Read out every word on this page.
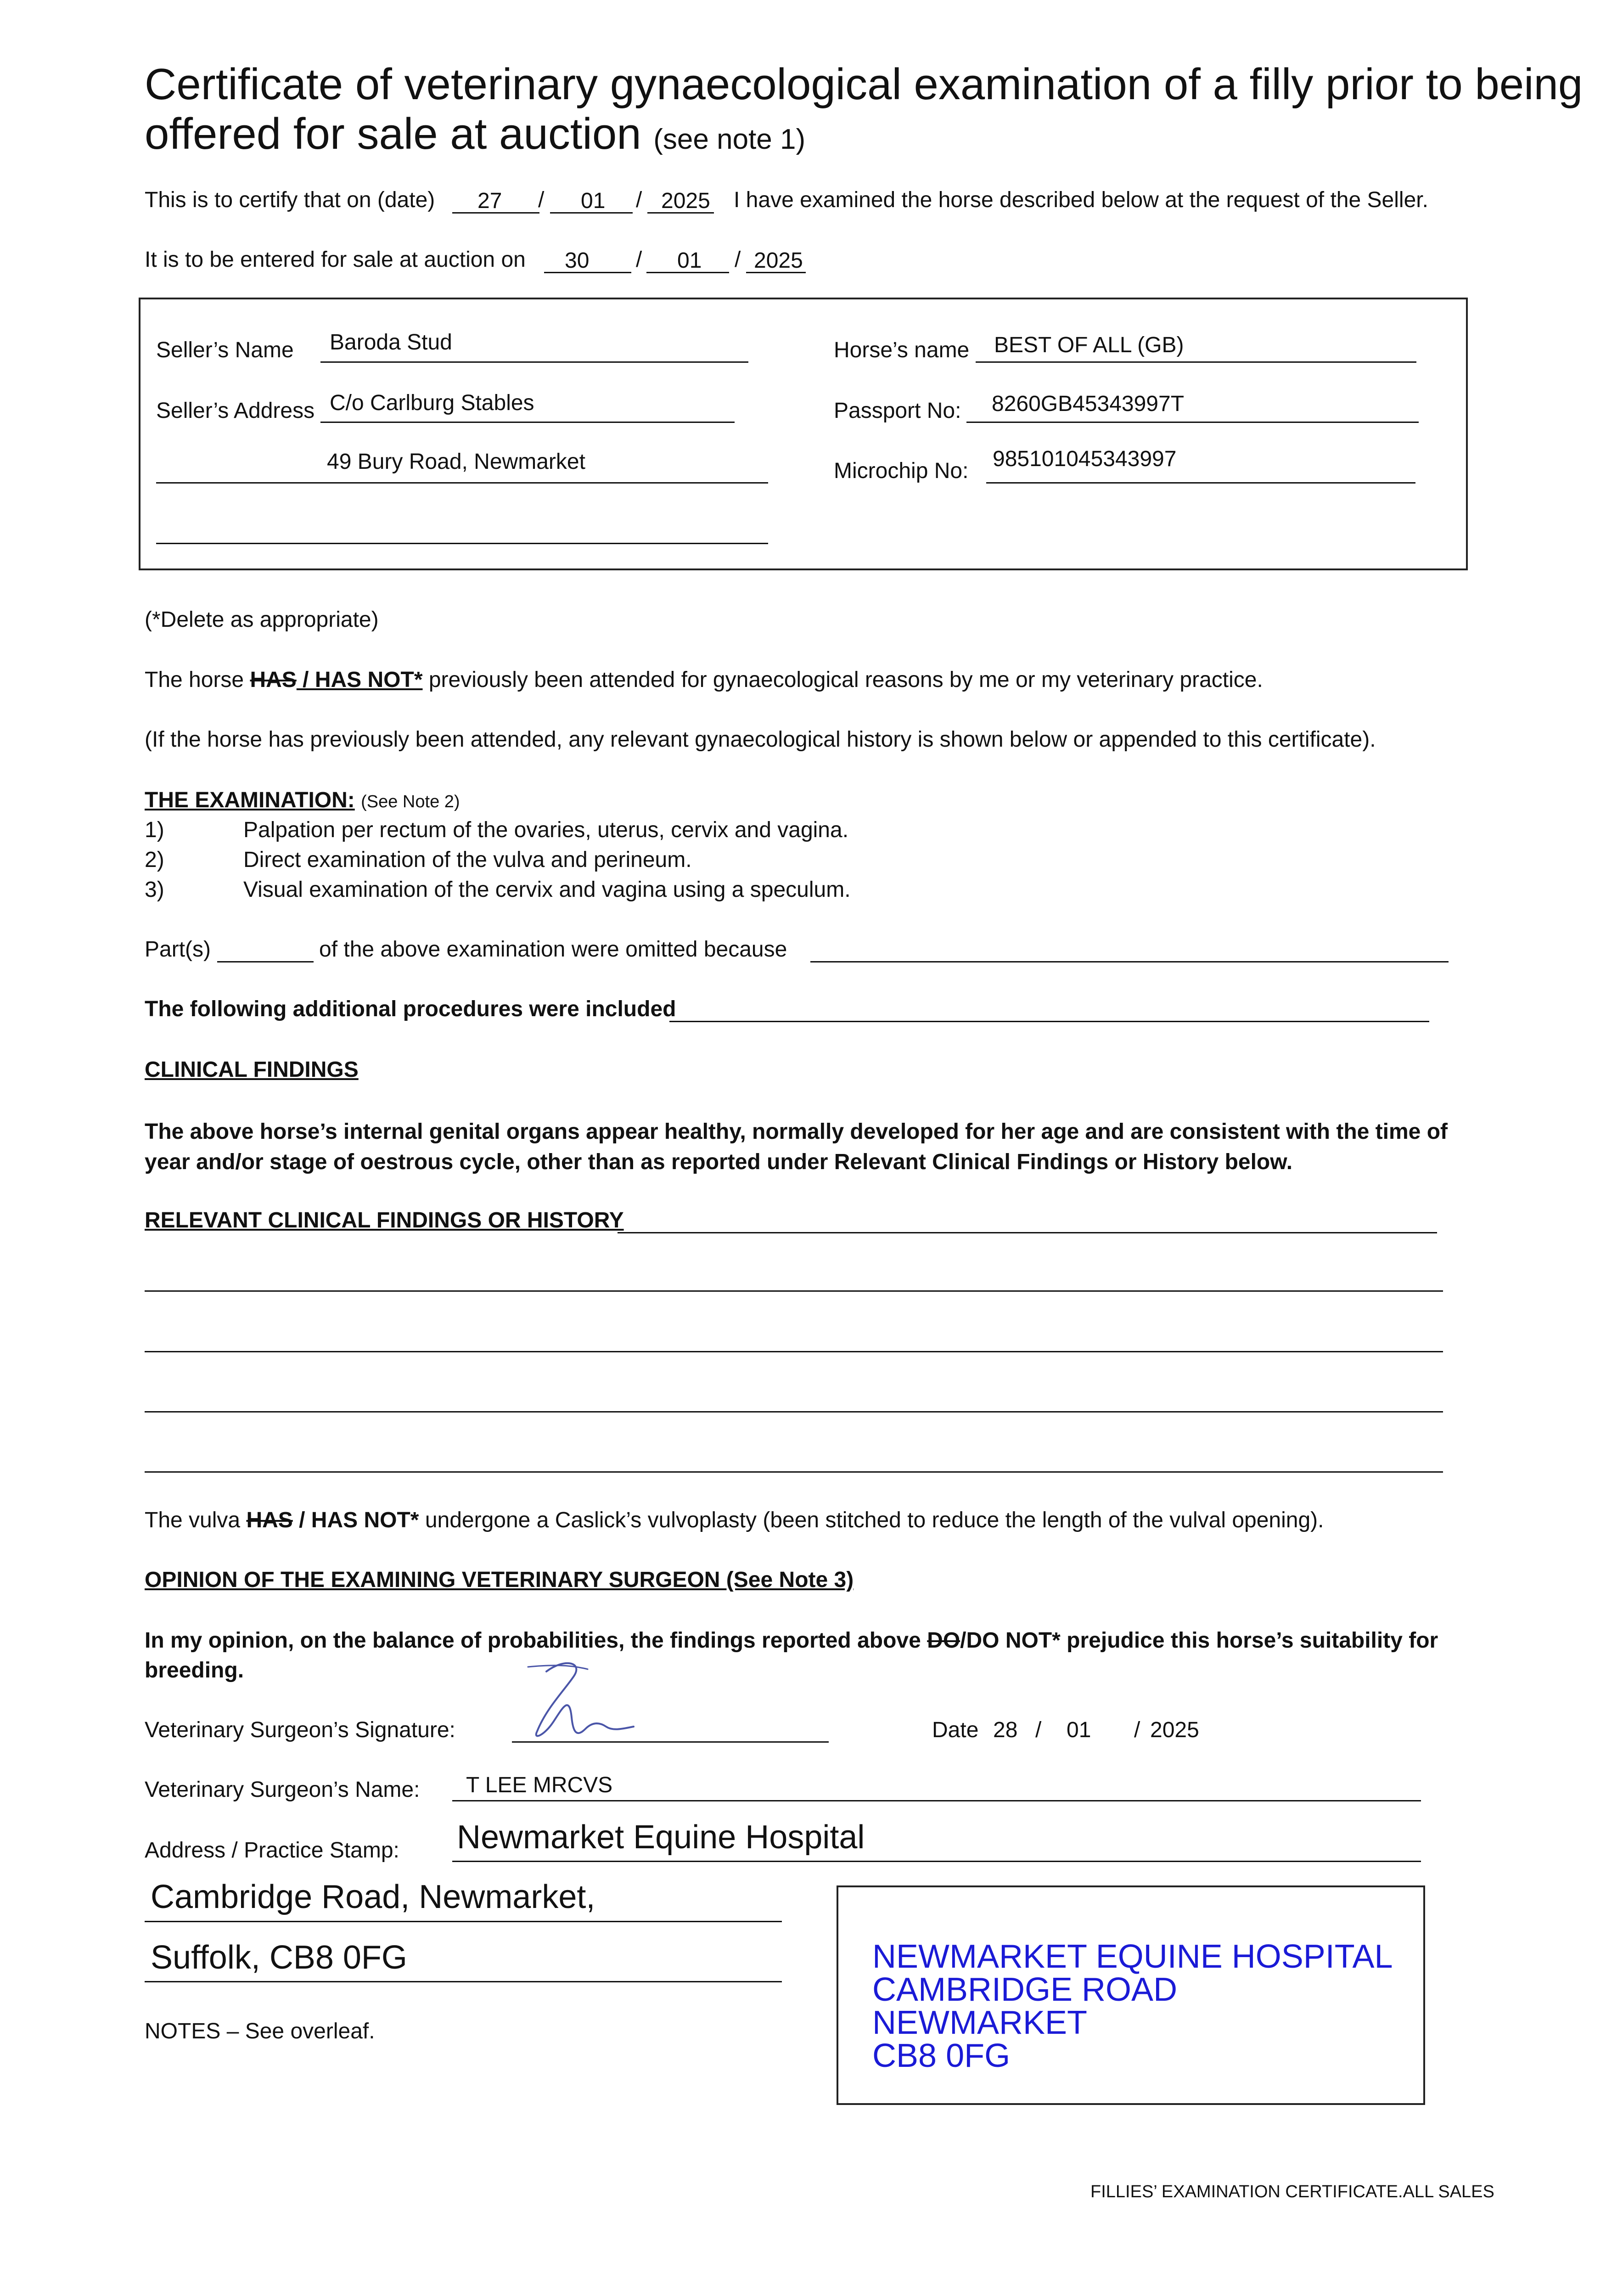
Certificate of veterinary gynaecological examination of a filly prior to being offered for sale at auction (see note 1)
This is to certify that on (date) 27 / 01 / 2025 I have examined the horse described below at the request of the Seller.
It is to be entered for sale at auction on 30 / 01 / 2025
Seller’s Name Baroda Stud
Seller’s Address C/o Carlburg Stables
49 Bury Road, Newmarket
Horse’s name BEST OF ALL (GB)
Passport No: 8260GB45343997T
Microchip No: 985101045343997
(*Delete as appropriate)
The horse HAS / HAS NOT* previously been attended for gynaecological reasons by me or my veterinary practice.
(If the horse has previously been attended, any relevant gynaecological history is shown below or appended to this certificate).
THE EXAMINATION: (See Note 2)
1)	Palpation per rectum of the ovaries, uterus, cervix and vagina.
2)	Direct examination of the vulva and perineum.
3)	Visual examination of the cervix and vagina using a speculum.
Part(s)	of the above examination were omitted because
The following additional procedures were included
CLINICAL FINDINGS
The above horse’s internal genital organs appear healthy, normally developed for her age and are consistent with the time of year and/or stage of oestrous cycle, other than as reported under Relevant Clinical Findings or History below.
RELEVANT CLINICAL FINDINGS OR HISTORY
The vulva HAS / HAS NOT* undergone a Caslick’s vulvoplasty (been stitched to reduce the length of the vulval opening).
OPINION OF THE EXAMINING VETERINARY SURGEON (See Note 3)
In my opinion, on the balance of probabilities, the findings reported above DO/DO NOT* prejudice this horse’s suitability for
breeding.
Veterinary Surgeon’s Signature:	Date 28 / 01 / 2025
Veterinary Surgeon’s Name: T LEE MRCVS
Address / Practice Stamp: Newmarket Equine Hospital
Cambridge Road, Newmarket,
Suffolk, CB8 0FG
NOTES – See overleaf.
NEWMARKET EQUINE HOSPITAL
CAMBRIDGE ROAD
NEWMARKET
CB8 0FG
FILLIES’ EXAMINATION CERTIFICATE.ALL SALES
